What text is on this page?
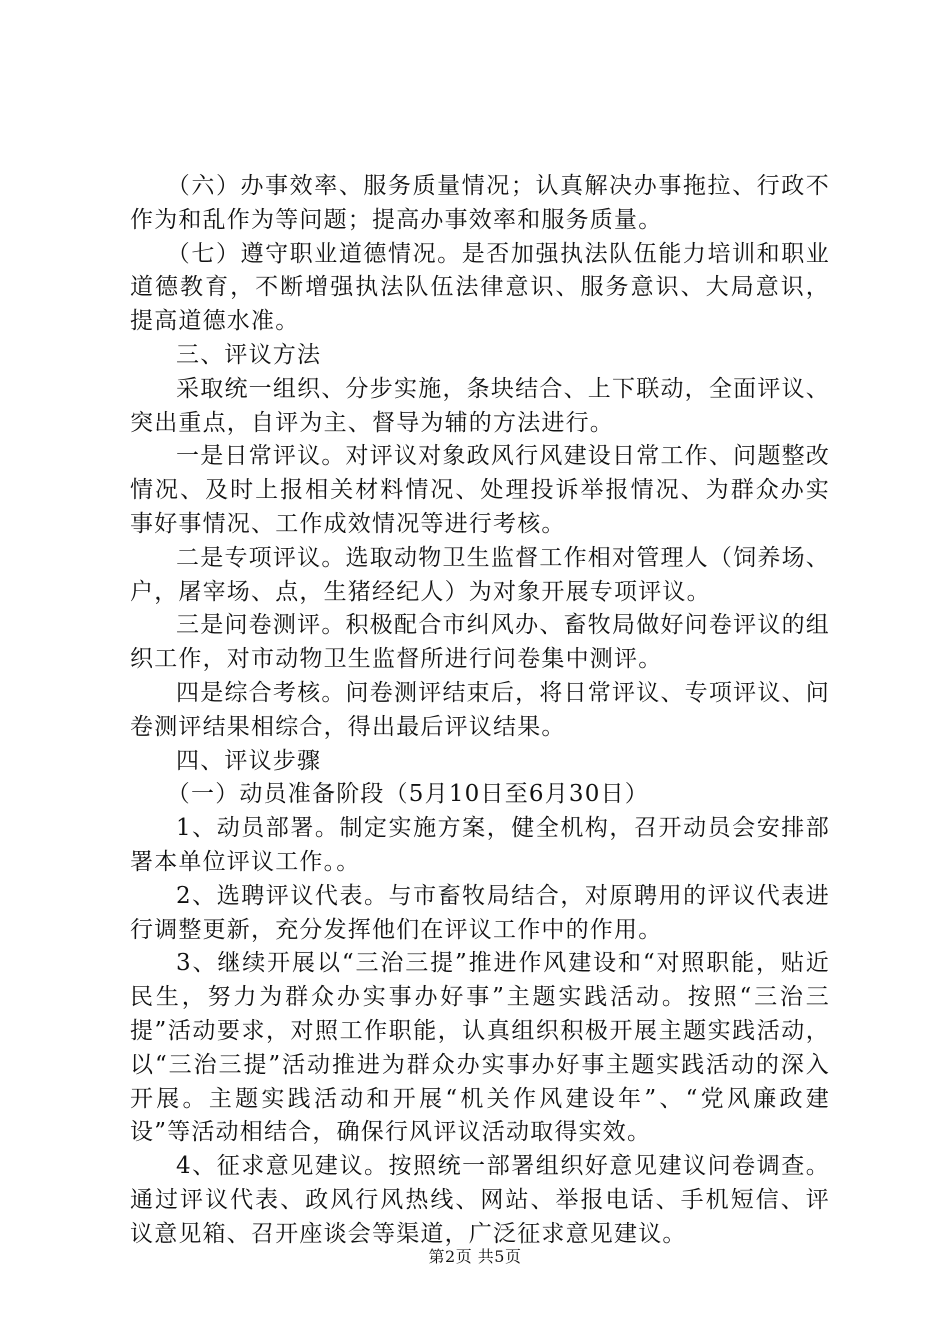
（六）办事效率、服务质量情况；认真解决办事拖拉、行政不作为和乱作为等问题；提高办事效率和服务质量。

（七）遵守职业道德情况。是否加强执法队伍能力培训和职业道德教育，不断增强执法队伍法律意识、服务意识、大局意识，提高道德水准。

三、评议方法

采取统一组织、分步实施，条块结合、上下联动，全面评议、突出重点，自评为主、督导为辅的方法进行。

一是日常评议。对评议对象政风行风建设日常工作、问题整改情况、及时上报相关材料情况、处理投诉举报情况、为群众办实事好事情况、工作成效情况等进行考核。

二是专项评议。选取动物卫生监督工作相对管理人（饲养场、户，屠宰场、点，生猪经纪人）为对象开展专项评议。

三是问卷测评。积极配合市纠风办、畜牧局做好问卷评议的组织工作，对市动物卫生监督所进行问卷集中测评。

四是综合考核。问卷测评结束后，将日常评议、专项评议、问卷测评结果相综合，得出最后评议结果。

四、评议步骤

（一）动员准备阶段（5月10日至6月30日）

1、动员部署。制定实施方案，健全机构，召开动员会安排部署本单位评议工作。。

2、选聘评议代表。与市畜牧局结合，对原聘用的评议代表进行调整更新，充分发挥他们在评议工作中的作用。

3、继续开展以“三治三提”推进作风建设和“对照职能，贴近民生，努力为群众办实事办好事”主题实践活动。按照“三治三提”活动要求，对照工作职能，认真组织积极开展主题实践活动，以“三治三提”活动推进为群众办实事办好事主题实践活动的深入开展。主题实践活动和开展“机关作风建设年”、“党风廉政建设”等活动相结合，确保行风评议活动取得实效。

4、征求意见建议。按照统一部署组织好意见建议问卷调查。通过评议代表、政风行风热线、网站、举报电话、手机短信、评议意见箱、召开座谈会等渠道，广泛征求意见建议。

第2页 共5页
